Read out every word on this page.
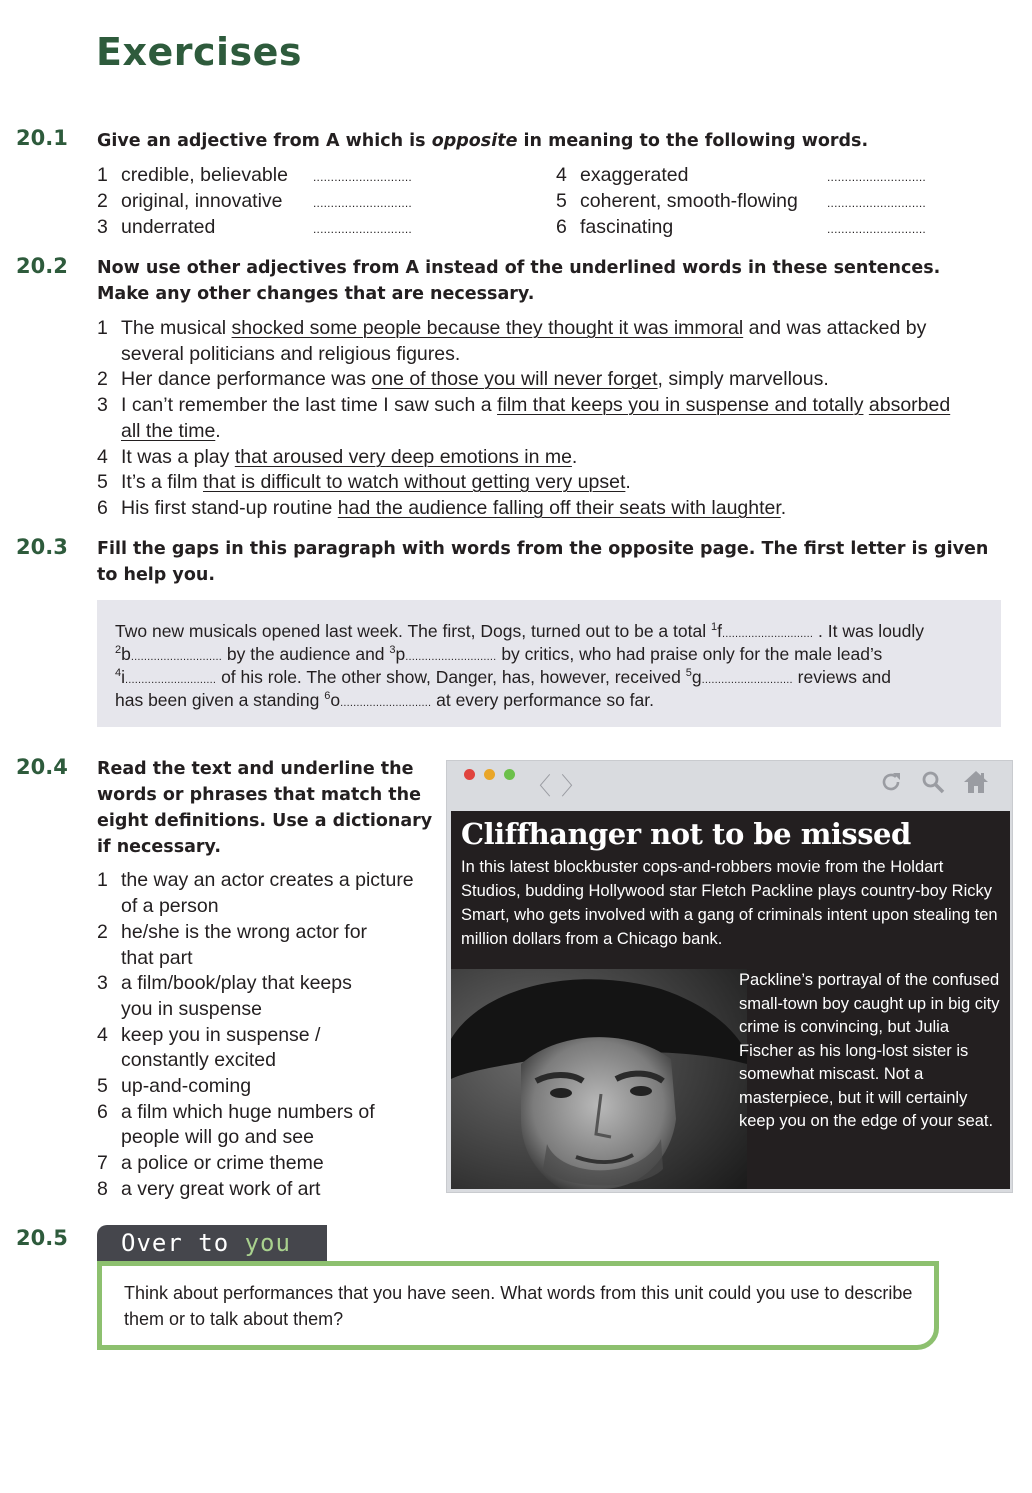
Exercises
20.1 Give an adjective from A which is opposite in meaning to the following words.
1 credible, believable
2 original, innovative
3 underrated
4 exaggerated
5 coherent, smooth-flowing
6 fascinating
............................
............................
............................
............................
............................
............................
20.2 Now use other adjectives from A instead of the underlined words in these sentences.
Make any other changes that are necessary.
1 The musical shocked some people because they thought it was immoral and was attacked by
several politicians and religious figures.
2 Her dance performance was one of those you will never forget, simply marvellous.
3 I can’t remember the last time I saw such a film that keeps you in suspense and totally absorbed
all the time.
4 It was a play that aroused very deep emotions in me.
5 It’s a film that is difficult to watch without getting very upset.
6 His first stand-up routine had the audience falling off their seats with laughter.
20.3 Fill the gaps in this paragraph with words from the opposite page. The first letter is given
to help you.
Two new musicals opened last week. The first, Dogs, turned out to be a total $^1$f............................ . It was loudly
$^2$b............................ by the audience and $^3$p............................ by critics, who had praise only for the male lead’s
$^4$i............................ of his role. The other show, Danger, has, however, received $^5$g............................ reviews and
has been given a standing $^6$o............................ at every performance so far.
20.4 Read the text and underline the
words or phrases that match the
eight definitions. Use a dictionary
if necessary.
1 the way an actor creates a picture
of a person
2 he/she is the wrong actor for
that part
3 a film/book/play that keeps
you in suspense
4 keep you in suspense /
constantly excited
5 up-and-coming
6 a film which huge numbers of
people will go and see
7 a police or crime theme
8 a very great work of art
〈 〉
Cliffhanger not to be missed
In this latest blockbuster cops-and-robbers movie from the Holdart Studios, budding Hollywood star Fletch Packline plays country-boy Ricky Smart, who gets involved with a gang of criminals intent upon stealing ten million dollars from a Chicago bank.
Packline’s portrayal of the confused small-town boy caught up in big city crime is convincing, but Julia Fischer as his long-lost sister is somewhat miscast. Not a masterpiece, but it will certainly keep you on the edge of your seat.
20.5	Over to you
Think about performances that you have seen. What words from this unit could you use to describe them or to talk about them?
